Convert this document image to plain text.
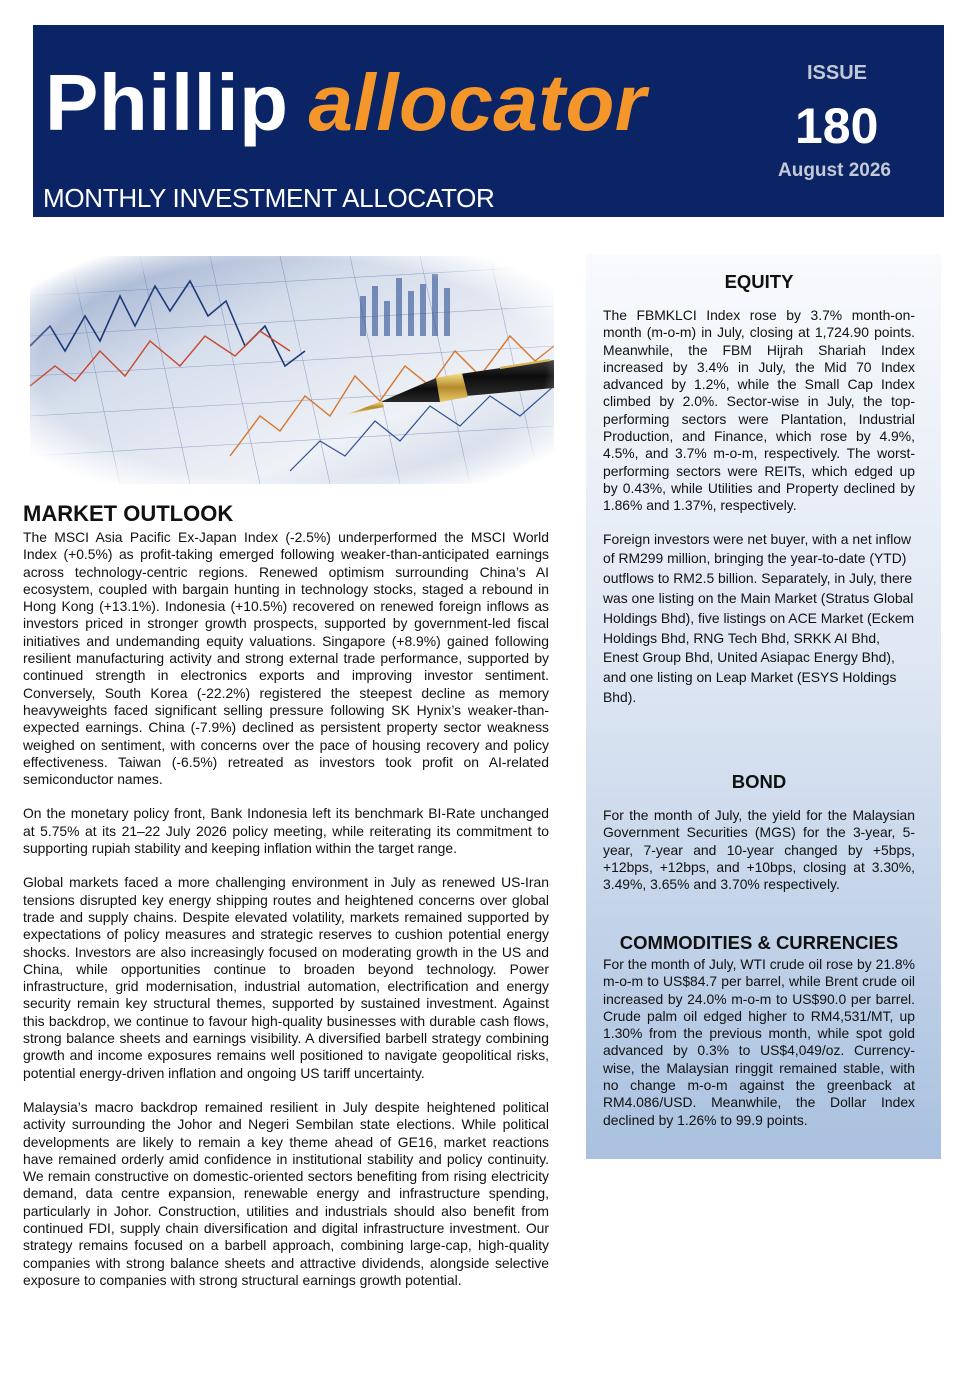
Phillip allocator
MONTHLY INVESTMENT ALLOCATOR
ISSUE
180
August 2026
MARKET OUTLOOK

The MSCI Asia Pacific Ex-Japan Index (-2.5%) underperformed the MSCI World Index (+0.5%) as profit-taking emerged following weaker-than-anticipated earnings across technology-centric regions. Renewed optimism surrounding China’s AI ecosystem, coupled with bargain hunting in technology stocks, staged a rebound in Hong Kong (+13.1%). Indonesia (+10.5%) recovered on renewed foreign inflows as investors priced in stronger growth prospects, supported by government-led fiscal initiatives and undemanding equity valuations. Singapore (+8.9%) gained following resilient manufacturing activity and strong external trade performance, supported by continued strength in electronics exports and improving investor sentiment. Conversely, South Korea (-22.2%) registered the steepest decline as memory heavyweights faced significant selling pressure following SK Hynix’s weaker-than-expected earnings. China (-7.9%) declined as persistent property sector weakness weighed on sentiment, with concerns over the pace of housing recovery and policy effectiveness. Taiwan (-6.5%) retreated as investors took profit on AI-related semiconductor names.

On the monetary policy front, Bank Indonesia left its benchmark BI-Rate unchanged at 5.75% at its 21–22 July 2026 policy meeting, while reiterating its commitment to supporting rupiah stability and keeping inflation within the target range.

Global markets faced a more challenging environment in July as renewed US-Iran tensions disrupted key energy shipping routes and heightened concerns over global trade and supply chains. Despite elevated volatility, markets remained supported by expectations of policy measures and strategic reserves to cushion potential energy shocks. Investors are also increasingly focused on moderating growth in the US and China, while opportunities continue to broaden beyond technology. Power infrastructure, grid modernisation, industrial automation, electrification and energy security remain key structural themes, supported by sustained investment. Against this backdrop, we continue to favour high-quality businesses with durable cash flows, strong balance sheets and earnings visibility. A diversified barbell strategy combining growth and income exposures remains well positioned to navigate geopolitical risks, potential energy-driven inflation and ongoing US tariff uncertainty.

Malaysia’s macro backdrop remained resilient in July despite heightened political activity surrounding the Johor and Negeri Sembilan state elections. While political developments are likely to remain a key theme ahead of GE16, market reactions have remained orderly amid confidence in institutional stability and policy continuity. We remain constructive on domestic-oriented sectors benefiting from rising electricity demand, data centre expansion, renewable energy and infrastructure spending, particularly in Johor. Construction, utilities and industrials should also benefit from continued FDI, supply chain diversification and digital infrastructure investment. Our strategy remains focused on a barbell approach, combining large-cap, high-quality companies with strong balance sheets and attractive dividends, alongside selective exposure to companies with strong structural earnings growth potential.

EQUITY

The FBMKLCI Index rose by 3.7% month-on-month (m-o-m) in July, closing at 1,724.90 points. Meanwhile, the FBM Hijrah Shariah Index increased by 3.4% in July, the Mid 70 Index advanced by 1.2%, while the Small Cap Index climbed by 2.0%. Sector-wise in July, the top-performing sectors were Plantation, Industrial Production, and Finance, which rose by 4.9%, 4.5%, and 3.7% m-o-m, respectively. The worst-performing sectors were REITs, which edged up by 0.43%, while Utilities and Property declined by 1.86% and 1.37%, respectively.

Foreign investors were net buyer, with a net inflow of RM299 million, bringing the year-to-date (YTD) outflows to RM2.5 billion. Separately, in July, there was one listing on the Main Market (Stratus Global Holdings Bhd), five listings on ACE Market (Eckem Holdings Bhd, RNG Tech Bhd, SRKK AI Bhd, Enest Group Bhd, United Asiapac Energy Bhd), and one listing on Leap Market (ESYS Holdings Bhd).

BOND

For the month of July, the yield for the Malaysian Government Securities (MGS) for the 3-year, 5-year, 7-year and 10-year changed by +5bps, +12bps, +12bps, and +10bps, closing at 3.30%, 3.49%, 3.65% and 3.70% respectively.

COMMODITIES & CURRENCIES

For the month of July, WTI crude oil rose by 21.8% m-o-m to US$84.7 per barrel, while Brent crude oil increased by 24.0% m-o-m to US$90.0 per barrel. Crude palm oil edged higher to RM4,531/MT, up 1.30% from the previous month, while spot gold advanced by 0.3% to US$4,049/oz. Currency-wise, the Malaysian ringgit remained stable, with no change m-o-m against the greenback at RM4.086/USD. Meanwhile, the Dollar Index declined by 1.26% to 99.9 points.
